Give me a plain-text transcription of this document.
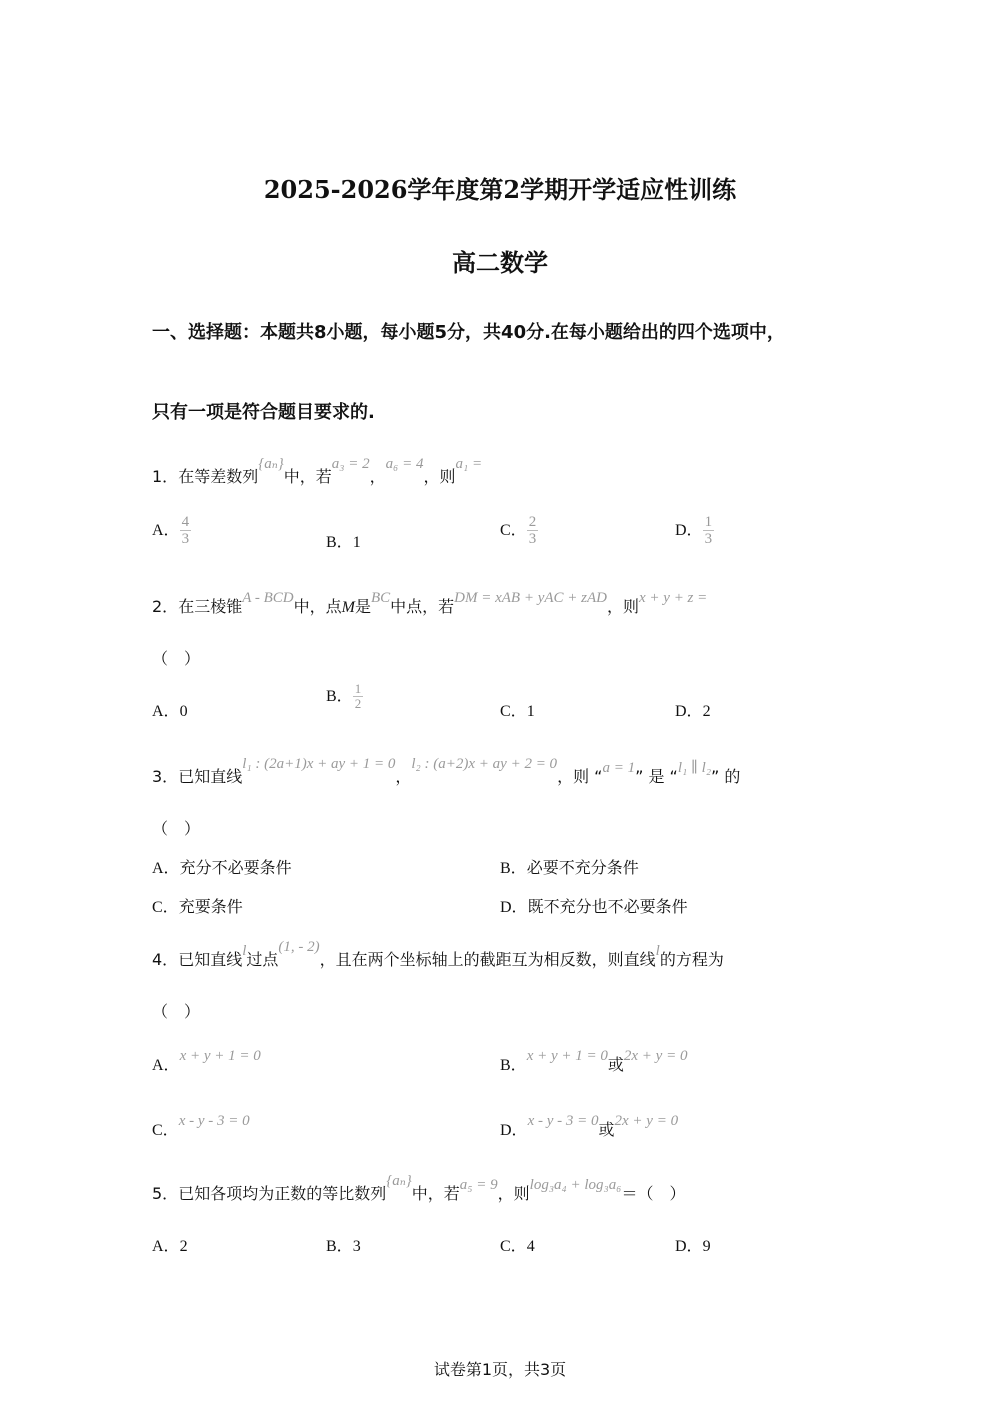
2025-2026学年度第2学期开学适应性训练
高二数学
一、选择题：本题共8小题，每小题5分，共40分.在每小题给出的四个选项中，
只有一项是符合题目要求的.
1．在等差数列{aₙ}中，若a₃ = 2，a₆ = 4，则a₁ =
A． $\frac{4}{3}$	B．1
C． $\frac{2}{3}$	D． $\frac{1}{3}$
2．在三棱锥A - BCD中，点M是BC中点，若DM = xAB + yAC + zAD，则x + y + z =
（　）
A．0
B． $\frac{1}{2}$
C．1	D．2
3．已知直线l₁ : (2a+1)x + ay + 1 = 0，l₂ : (a+2)x + ay + 2 = 0，则 “a = 1” 是 “l₁ ∥ l₂” 的
（　）
A．充分不必要条件	B．必要不充分条件
C．充要条件	D．既不充分也不必要条件
4．已知直线l过点(1, - 2)，且在两个坐标轴上的截距互为相反数，则直线l的方程为
（　）
A．x + y + 1 = 0
B．x + y + 1 = 0或2x + y = 0
C．x - y - 3 = 0
D．x - y - 3 = 0或2x + y = 0
5．已知各项均为正数的等比数列{aₙ}中，若a₅ = 9，则log₃a₄ + log₃a₆＝（　）
A．2	B．3	C．4	D．9
试卷第1页，共3页
